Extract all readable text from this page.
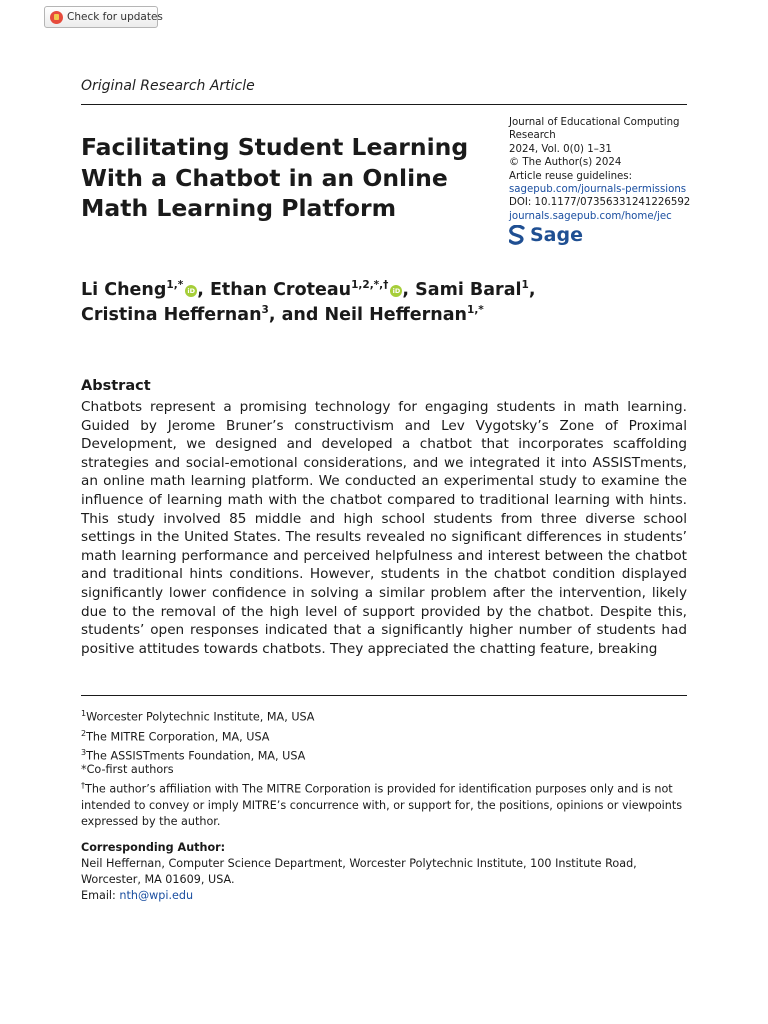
Check for updates
Original Research Article
Facilitating Student Learning With a Chatbot in an Online Math Learning Platform
Journal of Educational Computing Research
2024, Vol. 0(0) 1–31
© The Author(s) 2024
Article reuse guidelines:
sagepub.com/journals-permissions
DOI: 10.1177/07356331241226592
journals.sagepub.com/home/jec
Sage
Li Cheng$^{1,*}$ iD , Ethan Croteau$^{1,2,*,\dagger}$ iD , Sami Baral$^1$,
Cristina Heffernan$^3$, and Neil Heffernan$^{1,*}$
Abstract

Chatbots represent a promising technology for engaging students in math learning. Guided by Jerome Bruner’s constructivism and Lev Vygotsky’s Zone of Proximal Development, we designed and developed a chatbot that incorporates scaffolding strategies and social-emotional considerations, and we integrated it into ASSISTments, an online math learning platform. We conducted an experimental study to examine the influence of learning math with the chatbot compared to traditional learning with hints. This study involved 85 middle and high school students from three diverse school settings in the United States. The results revealed no significant differences in students’ math learning performance and perceived helpfulness and interest between the chatbot and traditional hints conditions. However, students in the chatbot condition displayed significantly lower confidence in solving a similar problem after the intervention, likely due to the removal of the high level of support provided by the chatbot. Despite this, students’ open responses indicated that a significantly higher number of students had positive attitudes towards chatbots. They appreciated the chatting feature, breaking

$^1$Worcester Polytechnic Institute, MA, USA
$^2$The MITRE Corporation, MA, USA
$^3$The ASSISTments Foundation, MA, USA
*Co-first authors
†The author’s affiliation with The MITRE Corporation is provided for identification purposes only and is not intended to convey or imply MITRE’s concurrence with, or support for, the positions, opinions or viewpoints expressed by the author.
Corresponding Author:
Neil Heffernan, Computer Science Department, Worcester Polytechnic Institute, 100 Institute Road, Worcester, MA 01609, USA.
Email: nth@wpi.edu
